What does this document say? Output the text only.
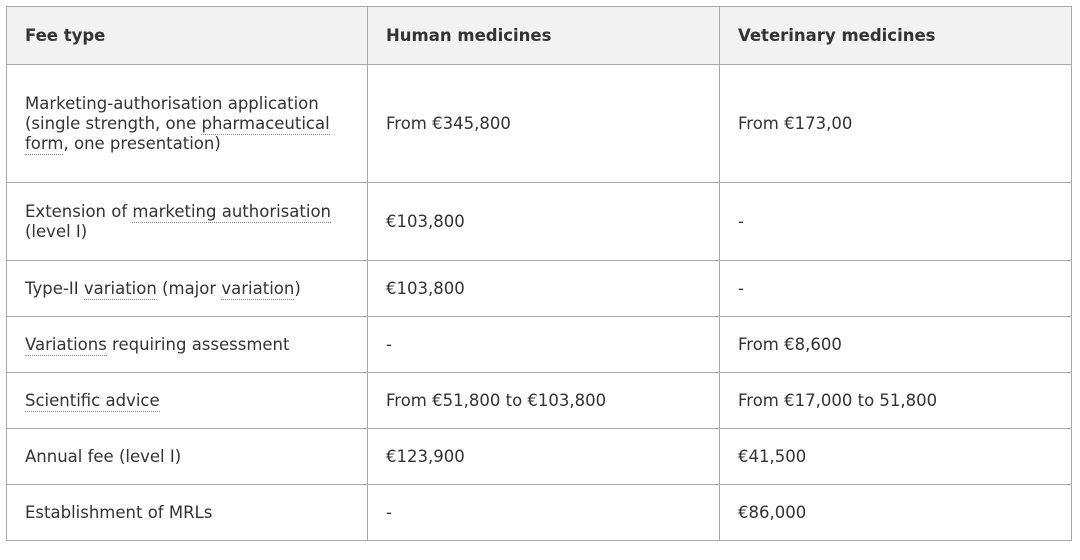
Fee type	Human medicines	Veterinary medicines
Marketing-authorisation application (single strength, one pharmaceutical form, one presentation)	From €345,800	From €173,00
Extension of marketing authorisation (level I)	€103,800	-
Type-II variation (major variation)	€103,800	-
Variations requiring assessment	-	From €8,600
Scientific advice	From €51,800 to €103,800	From €17,000 to 51,800
Annual fee (level I)	€123,900	€41,500
Establishment of MRLs	-	€86,000
